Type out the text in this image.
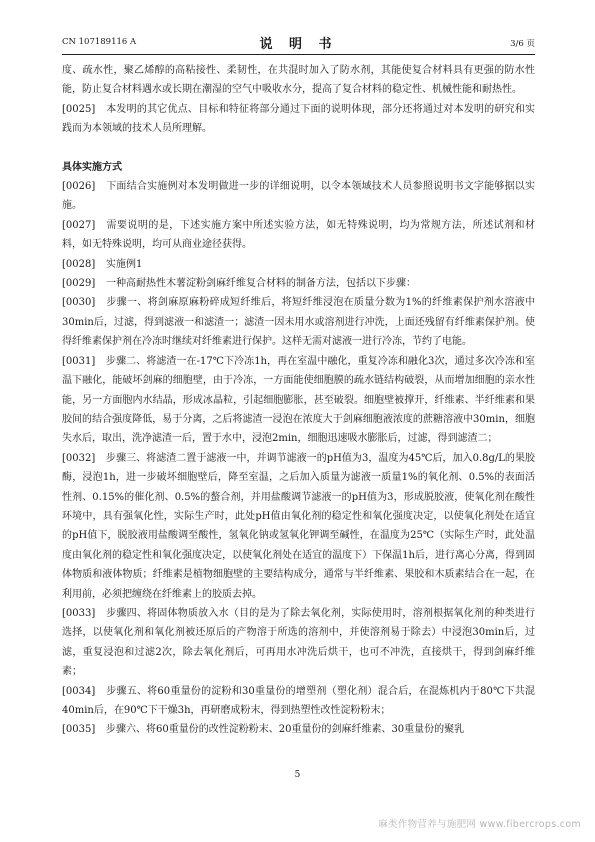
CN 107189116 A	说 明 书	3/6 页

度、疏水性，聚乙烯醇的高粘接性、柔韧性，在共混时加入了防水剂，其能使复合材料具有更强的防水性能，防止复合材料遇水或长期在潮湿的空气中吸收水分，提高了复合材料的稳定性、机械性能和耐热性。

[0025] 本发明的其它优点、目标和特征将部分通过下面的说明体现，部分还将通过对本发明的研究和实践而为本领域的技术人员所理解。

具体实施方式

[0026] 下面结合实施例对本发明做进一步的详细说明，以令本领域技术人员参照说明书文字能够据以实施。

[0027] 需要说明的是，下述实施方案中所述实验方法，如无特殊说明，均为常规方法，所述试剂和材料，如无特殊说明，均可从商业途径获得。

[0028] 实施例1

[0029] 一种高耐热性木薯淀粉剑麻纤维复合材料的制备方法，包括以下步骤：

[0030] 步骤一、将剑麻原麻粉碎成短纤维后，将短纤维浸泡在质量分数为1%的纤维素保护剂水溶液中30min后，过滤，得到滤液一和滤渣一；滤渣一因未用水或溶剂进行冲洗，上面还残留有纤维素保护剂。使得纤维素保护剂在冷冻时继续对纤维素进行保护。这样无需对滤液一进行冷冻，节约了电能。

[0031] 步骤二、将滤渣一在-17℃下冷冻1h，再在室温中融化，重复冷冻和融化3次，通过多次冷冻和室温下融化，能破坏剑麻的细胞壁，由于冷冻，一方面能使细胞膜的疏水链结构破裂，从而增加细胞的亲水性能，另一方面胞内水结晶，形成冰晶粒，引起细胞膨胀，甚至破裂。细胞壁被撑开，纤维素、半纤维素和果胶间的结合强度降低，易于分离，之后将滤渣一浸泡在浓度大于剑麻细胞液浓度的蔗糖溶液中30min，细胞失水后，取出，洗净滤渣一后，置于水中，浸泡2min，细胞迅速吸水膨胀后，过滤，得到滤渣二；

[0032] 步骤三、将滤渣二置于滤液一中，并调节滤液一的pH值为3，温度为45℃后，加入0.8g/L的果胶酶，浸泡1h，进一步破坏细胞壁后，降至室温，之后加入质量为滤液一质量1%的氧化剂、0.5%的表面活性剂、0.15%的催化剂、0.5%的螯合剂，并用盐酸调节滤液一的pH值为3，形成脱胶液，使氧化剂在酸性环境中，具有强氧化性，实际生产时，此处pH值由氧化剂的稳定性和氧化强度决定，以使氧化剂处在适宜的pH值下，脱胶液用盐酸调至酸性，氢氧化钠或氢氧化钾调至碱性，在温度为25℃（实际生产时，此处温度由氧化剂的稳定性和氧化强度决定，以使氧化剂处在适宜的温度下）下保温1h后，进行离心分离，得到固体物质和液体物质；纤维素是植物细胞壁的主要结构成分，通常与半纤维素、果胶和木质素结合在一起，在利用前，必须把缠绕在纤维素上的胶质去掉。

[0033] 步骤四、将固体物质放入水（目的是为了除去氧化剂，实际使用时，溶剂根据氧化剂的种类进行选择，以使氧化剂和氧化剂被还原后的产物溶于所选的溶剂中，并使溶剂易于除去）中浸泡30min后，过滤，重复浸泡和过滤2次，除去氧化剂后，可再用水冲洗后烘干，也可不冲洗，直接烘干，得到剑麻纤维素；

[0034] 步骤五、将60重量份的淀粉和30重量份的增塑剂（塑化剂）混合后，在混炼机内于80℃下共混40min后，在90℃下干燥3h，再研磨成粉末，得到热塑性改性淀粉粉末；

[0035] 步骤六、将60重量份的改性淀粉粉末、20重量份的剑麻纤维素、30重量份的聚乳

5
麻类作物营养与施肥网 www.fibercrops.com
